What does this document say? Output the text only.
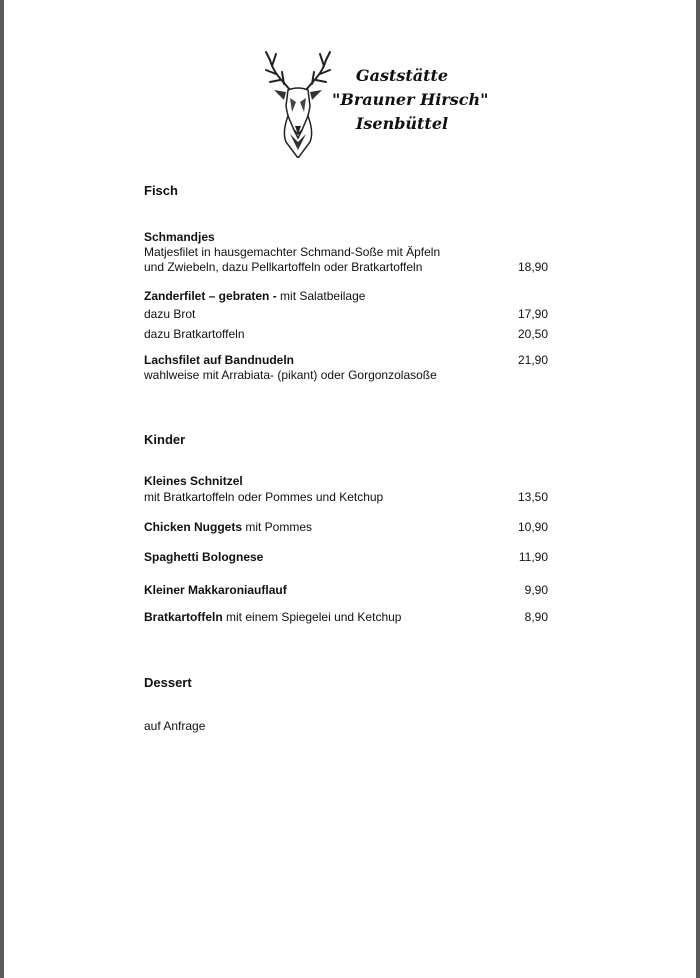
Gaststätte
"Brauner Hirsch"
Isenbüttel
Fisch
Schmandjes
Matjesfilet in hausgemachter Schmand-Soße mit Äpfeln
und Zwiebeln, dazu Pellkartoffeln oder Bratkartoffeln	18,90
Zanderfilet – gebraten - mit Salatbeilage
dazu Brot	17,90
dazu Bratkartoffeln	20,50
Lachsfilet auf Bandnudeln	21,90
wahlweise mit Arrabiata- (pikant) oder Gorgonzolasoße
Kinder
Kleines Schnitzel
mit Bratkartoffeln oder Pommes und Ketchup	13,50
Chicken Nuggets mit Pommes	10,90
Spaghetti Bolognese	11,90
Kleiner Makkaroniauflauf	9,90
Bratkartoffeln mit einem Spiegelei und Ketchup	8,90
Dessert
auf Anfrage
